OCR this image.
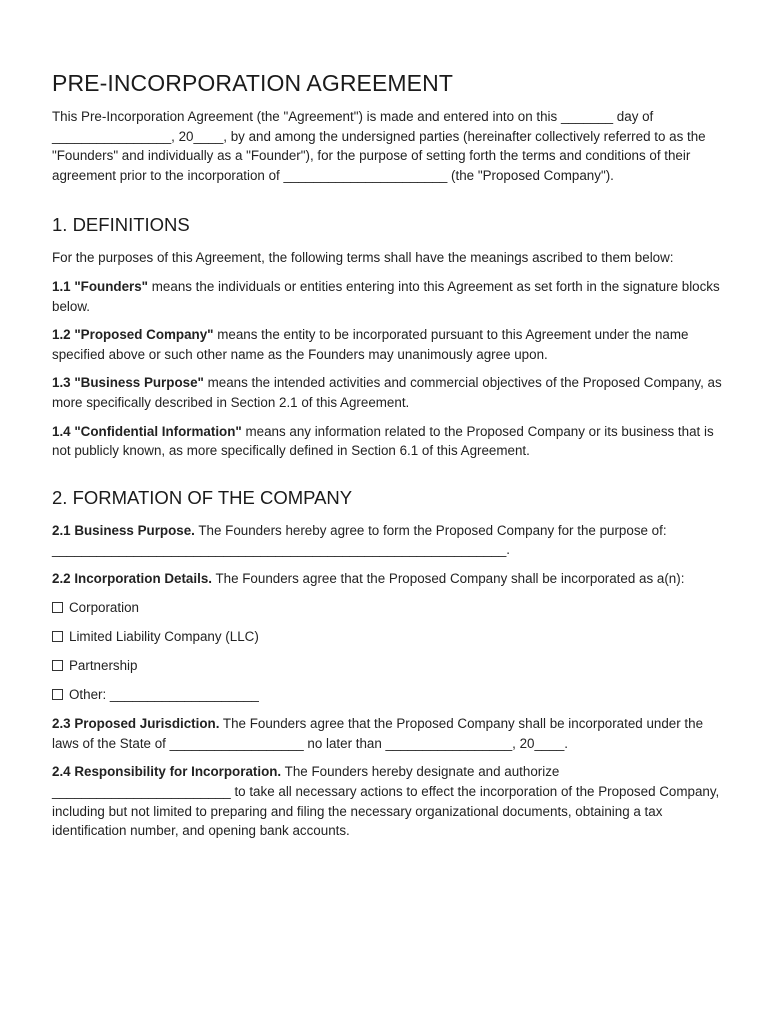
PRE-INCORPORATION AGREEMENT

This Pre-Incorporation Agreement (the "Agreement") is made and entered into on this _______ day of ________________, 20____, by and among the undersigned parties (hereinafter collectively referred to as the "Founders" and individually as a "Founder"), for the purpose of setting forth the terms and conditions of their agreement prior to the incorporation of ______________________ (the "Proposed Company").

1. DEFINITIONS

For the purposes of this Agreement, the following terms shall have the meanings ascribed to them below:

1.1 "Founders" means the individuals or entities entering into this Agreement as set forth in the signature blocks below.

1.2 "Proposed Company" means the entity to be incorporated pursuant to this Agreement under the name specified above or such other name as the Founders may unanimously agree upon.

1.3 "Business Purpose" means the intended activities and commercial objectives of the Proposed Company, as more specifically described in Section 2.1 of this Agreement.

1.4 "Confidential Information" means any information related to the Proposed Company or its business that is not publicly known, as more specifically defined in Section 6.1 of this Agreement.

2. FORMATION OF THE COMPANY

2.1 Business Purpose. The Founders hereby agree to form the Proposed Company for the purpose of: _____________________________________________________________.

2.2 Incorporation Details. The Founders agree that the Proposed Company shall be incorporated as a(n):

Corporation

Limited Liability Company (LLC)

Partnership

Other: ____________________

2.3 Proposed Jurisdiction. The Founders agree that the Proposed Company shall be incorporated under the laws of the State of __________________ no later than _________________, 20____.

2.4 Responsibility for Incorporation. The Founders hereby designate and authorize ________________________ to take all necessary actions to effect the incorporation of the Proposed Company, including but not limited to preparing and filing the necessary organizational documents, obtaining a tax identification number, and opening bank accounts.
